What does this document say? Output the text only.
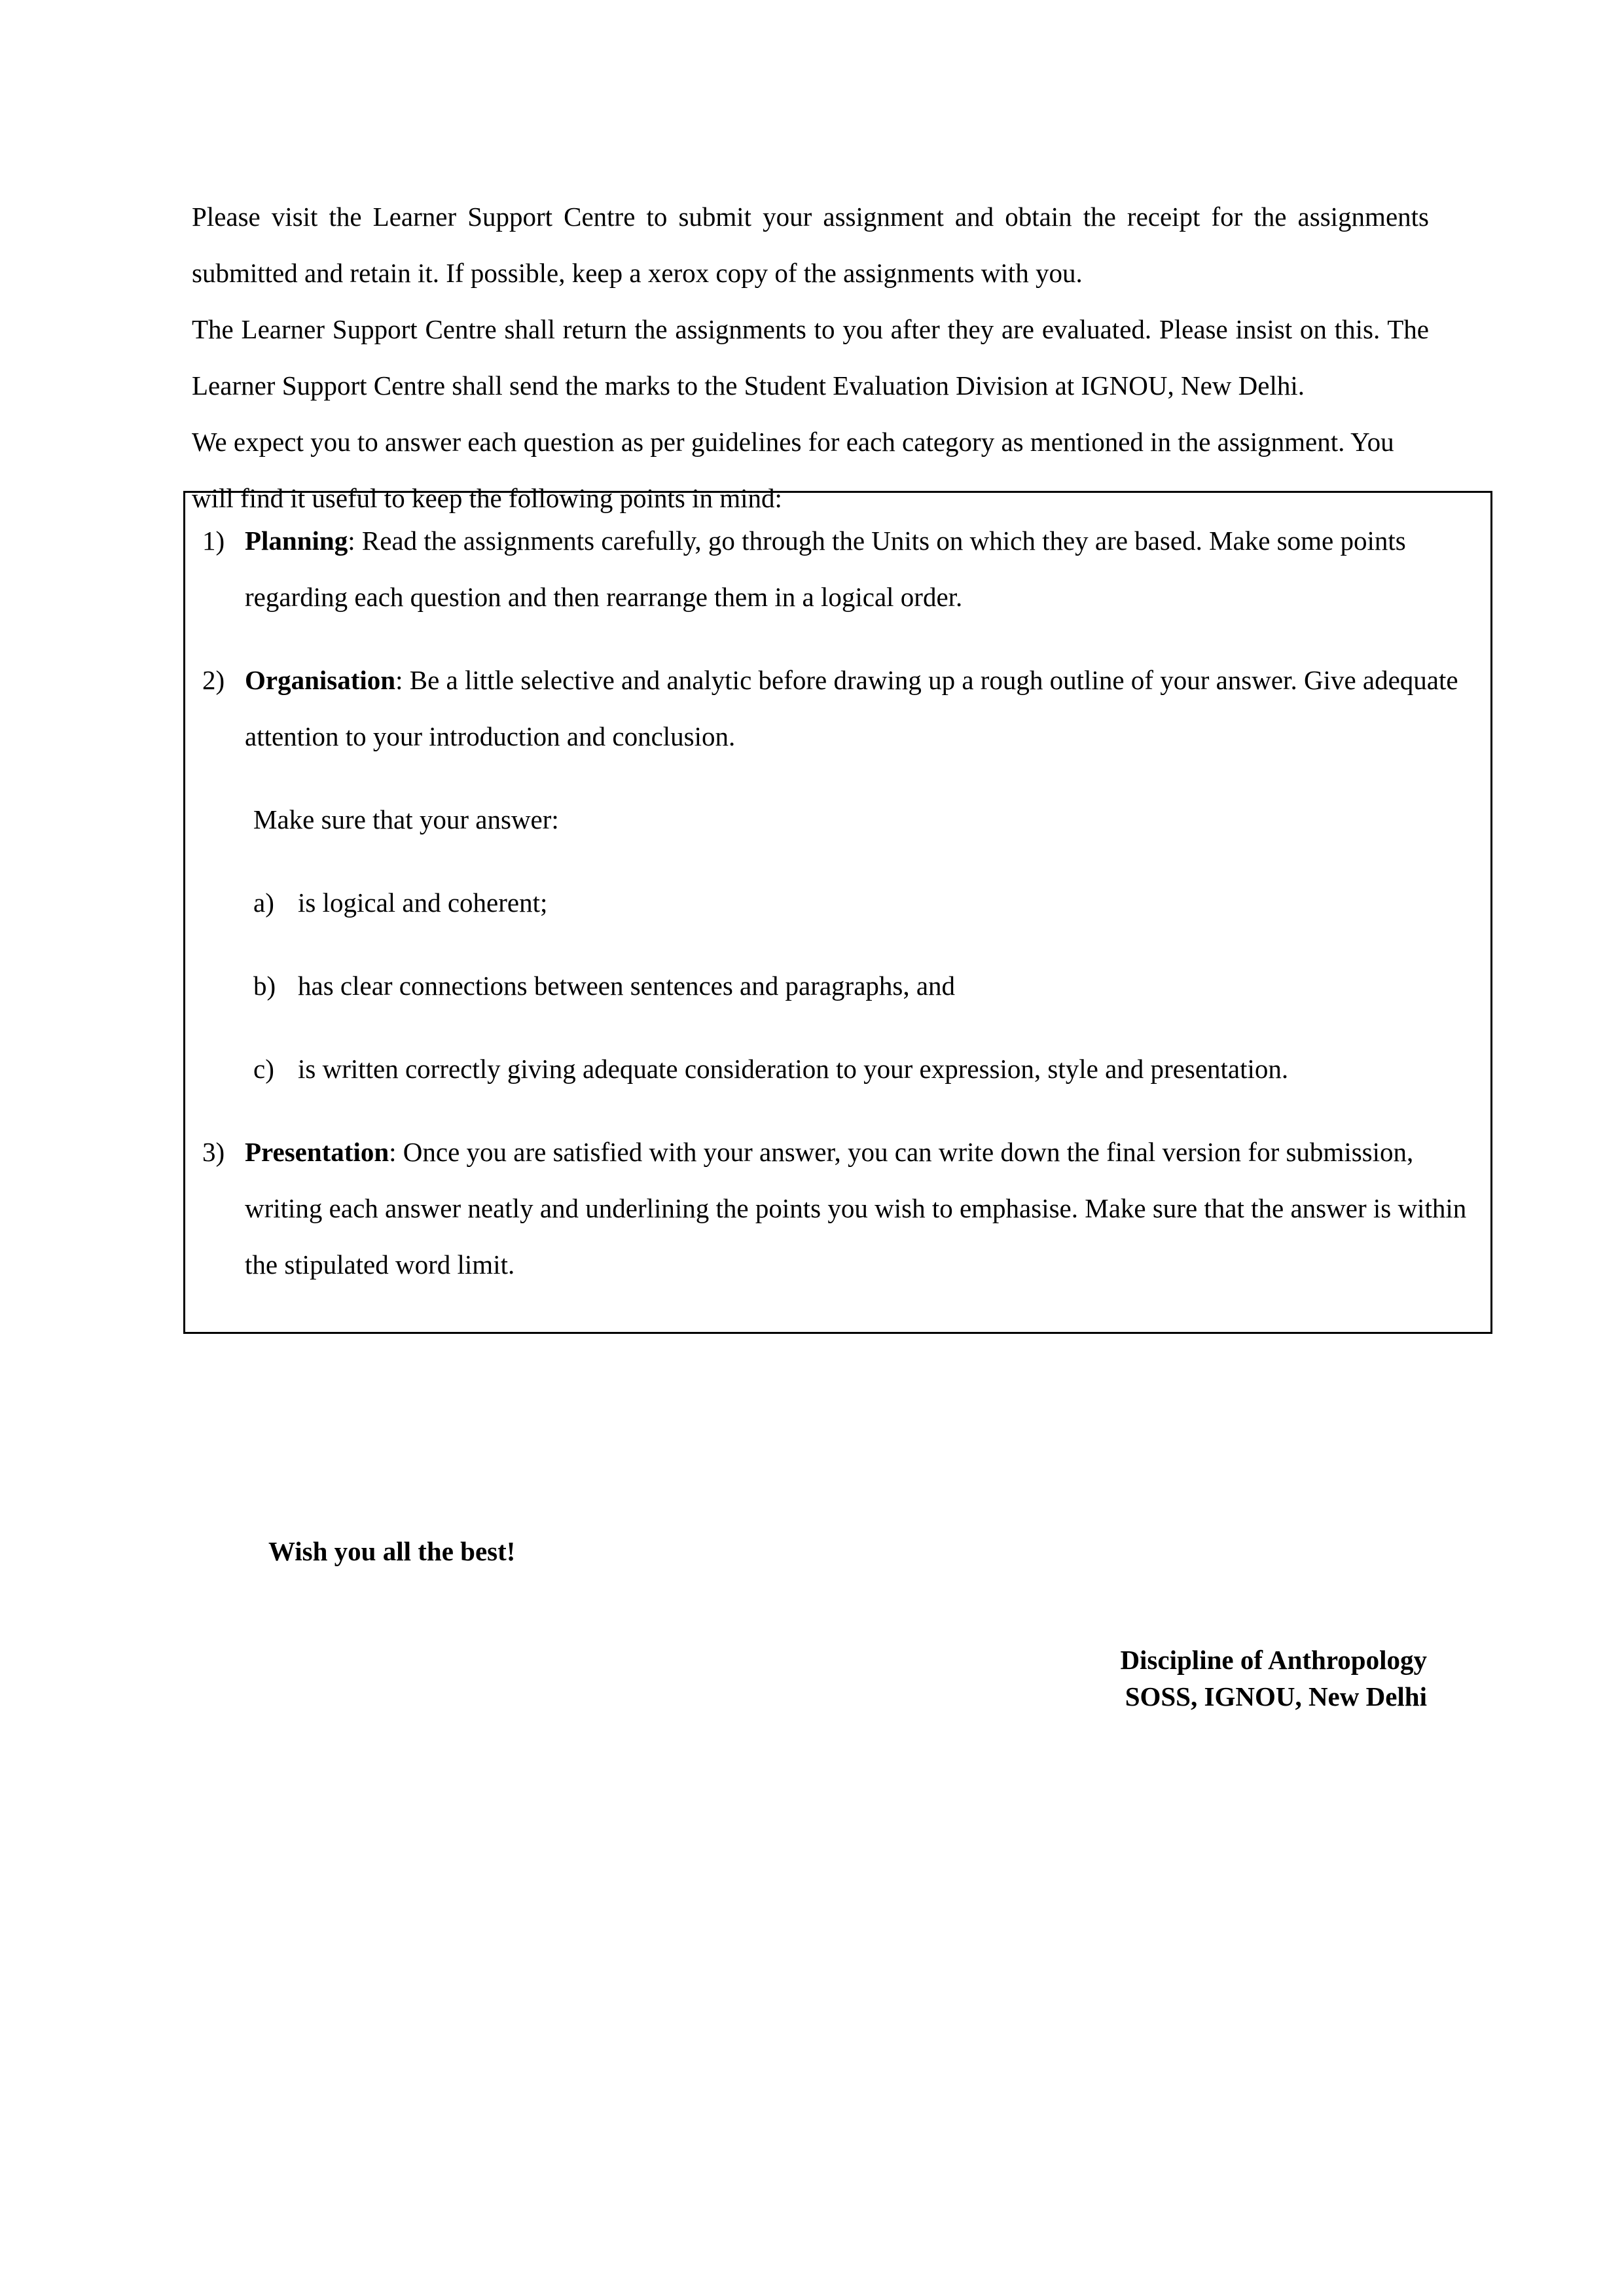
Please visit the Learner Support Centre to submit your assignment and obtain the receipt for the assignments submitted and retain it. If possible, keep a xerox copy of the assignments with you.

The Learner Support Centre shall return the assignments to you after they are evaluated. Please insist on this. The Learner Support Centre shall send the marks to the Student Evaluation Division at IGNOU, New Delhi.

We expect you to answer each question as per guidelines for each category as mentioned in the assignment. You will find it useful to keep the following points in mind:

1) Planning: Read the assignments carefully, go through the Units on which they are based. Make some points regarding each question and then rearrange them in a logical order.
2) Organisation: Be a little selective and analytic before drawing up a rough outline of your answer. Give adequate attention to your introduction and conclusion.

Make sure that your answer:

a) is logical and coherent;
b) has clear connections between sentences and paragraphs, and
c) is written correctly giving adequate consideration to your expression, style and presentation.
3) Presentation: Once you are satisfied with your answer, you can write down the final version for submission, writing each answer neatly and underlining the points you wish to emphasise. Make sure that the answer is within the stipulated word limit.
Wish you all the best!
Discipline of Anthropology
SOSS, IGNOU, New Delhi
